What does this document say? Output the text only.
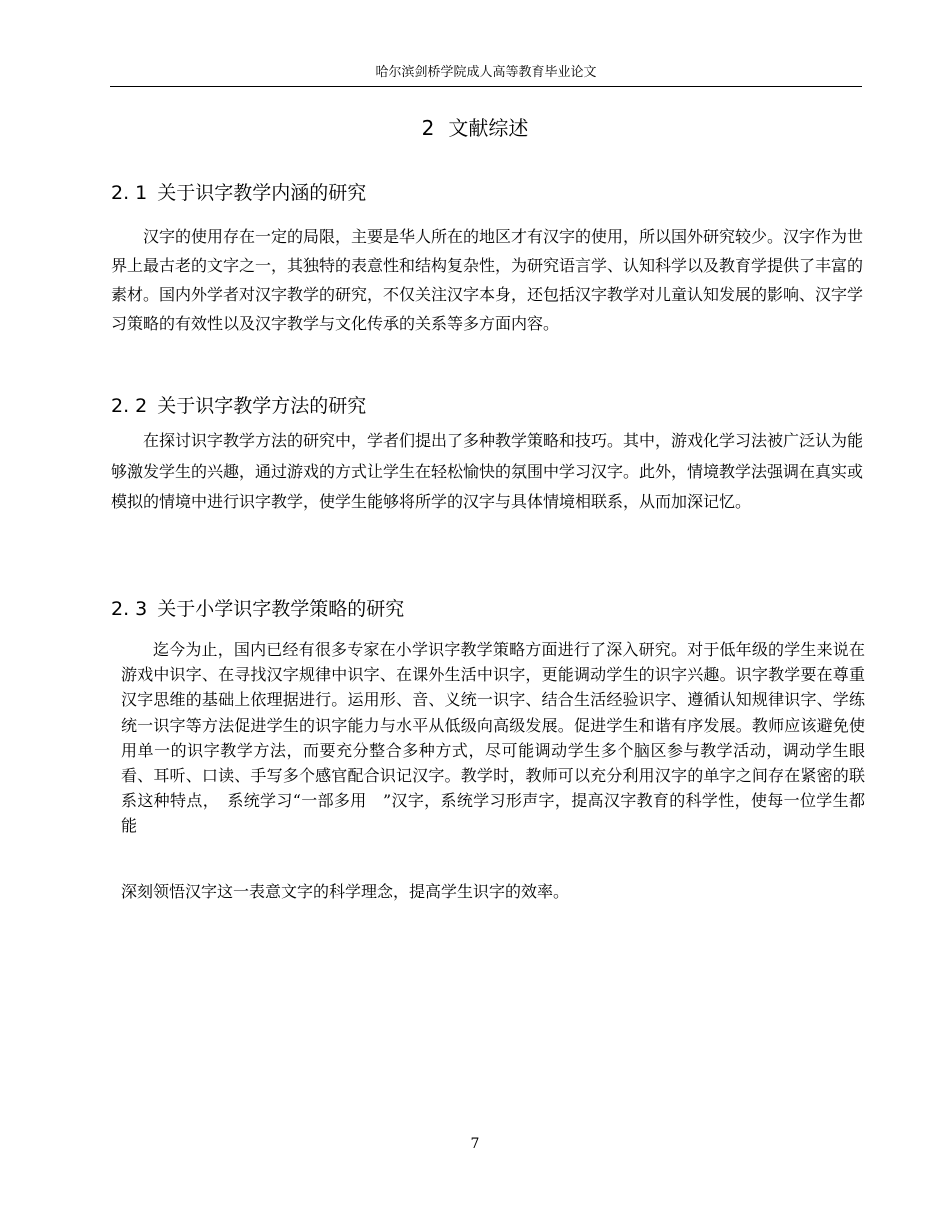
哈尔滨剑桥学院成人高等教育毕业论文
2 文献综述
2. 1 关于识字教学内涵的研究

汉字的使用存在一定的局限，主要是华人所在的地区才有汉字的使用，所以国外研究较少。汉字作为世界上最古老的文字之一，其独特的表意性和结构复杂性，为研究语言学、认知科学以及教育学提供了丰富的素材。国内外学者对汉字教学的研究，不仅关注汉字本身，还包括汉字教学对儿童认知发展的影响、汉字学习策略的有效性以及汉字教学与文化传承的关系等多方面内容。

2. 2 关于识字教学方法的研究

在探讨识字教学方法的研究中，学者们提出了多种教学策略和技巧。其中，游戏化学习法被广泛认为能够激发学生的兴趣，通过游戏的方式让学生在轻松愉快的氛围中学习汉字。此外，情境教学法强调在真实或模拟的情境中进行识字教学，使学生能够将所学的汉字与具体情境相联系，从而加深记忆。

2. 3 关于小学识字教学策略的研究

迄今为止，国内已经有很多专家在小学识字教学策略方面进行了深入研究。对于低年级的学生来说在游戏中识字、在寻找汉字规律中识字、在课外生活中识字，更能调动学生的识字兴趣。识字教学要在尊重汉字思维的基础上依理据进行。运用形、音、义统一识字、结合生活经验识字、遵循认知规律识字、学练统一识字等方法促进学生的识字能力与水平从低级向高级发展。促进学生和谐有序发展。教师应该避免使用单一的识字教学方法，而要充分整合多种方式，尽可能调动学生多个脑区参与教学活动，调动学生眼看、耳听、口读、手写多个感官配合识记汉字。教学时，教师可以充分利用汉字的单字之间存在紧密的联系这种特点，　系统学习“一部多用　”汉字，系统学习形声字，提高汉字教育的科学性，使每一位学生都能

深刻领悟汉字这一表意文字的科学理念，提高学生识字的效率。

7
